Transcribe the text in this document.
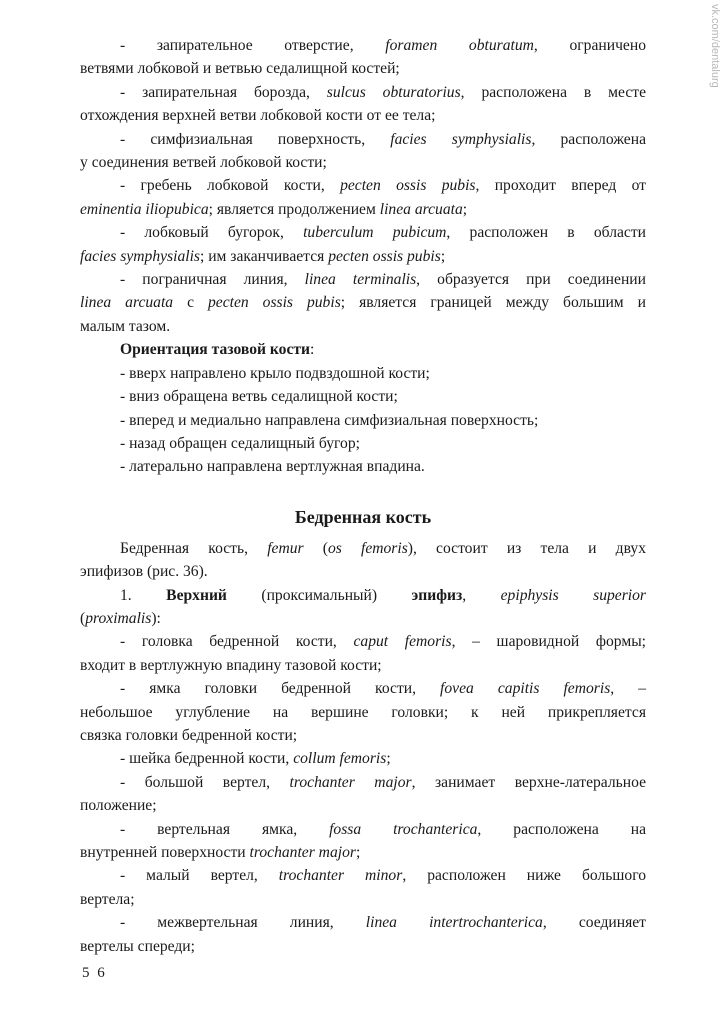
vk.com/dentalurg
- запирательное отверстие, foramen obturatum, ограничено
ветвями лобковой и ветвью седалищной костей;
- запирательная борозда, sulcus obturatorius, расположена в месте
отхождения верхней ветви лобковой кости от ее тела;
- симфизиальная поверхность, facies symphysialis, расположена
у соединения ветвей лобковой кости;
- гребень лобковой кости, pecten ossis pubis, проходит вперед от
eminentia iliopubica; является продолжением linea arcuata;
- лобковый бугорок, tuberculum pubicum, расположен в области
facies symphysialis; им заканчивается pecten ossis pubis;
- пограничная линия, linea terminalis, образуется при соединении
linea arcuata с pecten ossis pubis; является границей между большим и
малым тазом.
Ориентация тазовой кости:
- вверх направлено крыло подвздошной кости;
- вниз обращена ветвь седалищной кости;
- вперед и медиально направлена симфизиальная поверхность;
- назад обращен седалищный бугор;
- латерально направлена вертлужная впадина.
Бедренная кость
Бедренная кость, femur (os femoris), состоит из тела и двух
эпифизов (рис. 36).
1. Верхний (проксимальный) эпифиз, epiphysis superior
(proximalis):
- головка бедренной кости, caput femoris, – шаровидной формы;
входит в вертлужную впадину тазовой кости;
- ямка головки бедренной кости, fovea capitis femoris, –
небольшое углубление на вершине головки; к ней прикрепляется
связка головки бедренной кости;
- шейка бедренной кости, collum femoris;
- большой вертел, trochanter major, занимает верхне-латеральное
положение;
- вертельная ямка, fossa trochanterica, расположена на
внутренней поверхности trochanter major;
- малый вертел, trochanter minor, расположен ниже большого
вертела;
- межвертельная линия, linea intertrochanterica, соединяет
вертелы спереди;
5 6
